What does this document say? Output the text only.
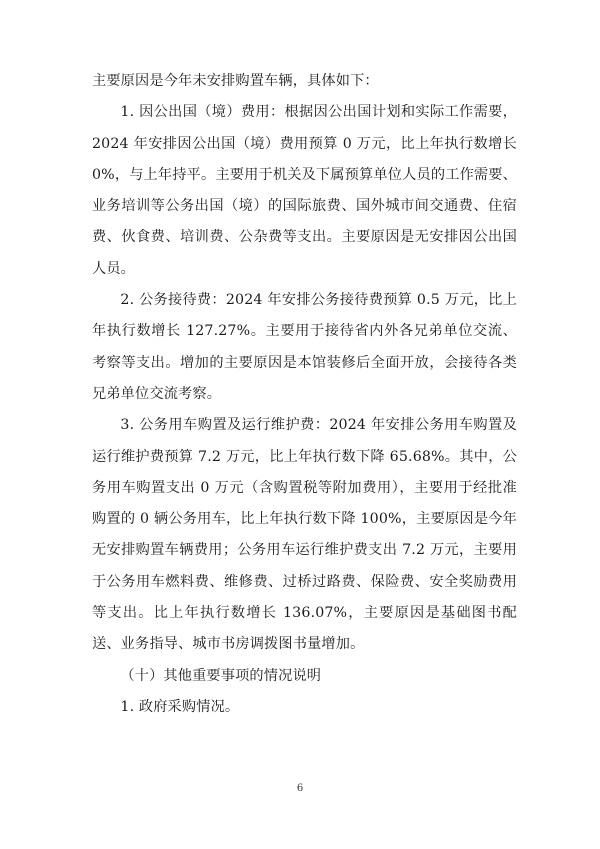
主要原因是今年未安排购置车辆，具体如下：

1. 因公出国（境）费用：根据因公出国计划和实际工作需要，2024 年安排因公出国（境）费用预算 0 万元，比上年执行数增长 0%，与上年持平。主要用于机关及下属预算单位人员的工作需要、业务培训等公务出国（境）的国际旅费、国外城市间交通费、住宿费、伙食费、培训费、公杂费等支出。主要原因是无安排因公出国人员。

2. 公务接待费：2024 年安排公务接待费预算 0.5 万元，比上年执行数增长 127.27%。主要用于接待省内外各兄弟单位交流、考察等支出。增加的主要原因是本馆装修后全面开放，会接待各类兄弟单位交流考察。

3. 公务用车购置及运行维护费：2024 年安排公务用车购置及运行维护费预算 7.2 万元，比上年执行数下降 65.68%。其中，公务用车购置支出 0 万元（含购置税等附加费用），主要用于经批准购置的 0 辆公务用车，比上年执行数下降 100%，主要原因是今年无安排购置车辆费用；公务用车运行维护费支出 7.2 万元，主要用于公务用车燃料费、维修费、过桥过路费、保险费、安全奖励费用等支出。比上年执行数增长 136.07%，主要原因是基础图书配送、业务指导、城市书房调拨图书量增加。

（十）其他重要事项的情况说明

1. 政府采购情况。

6
